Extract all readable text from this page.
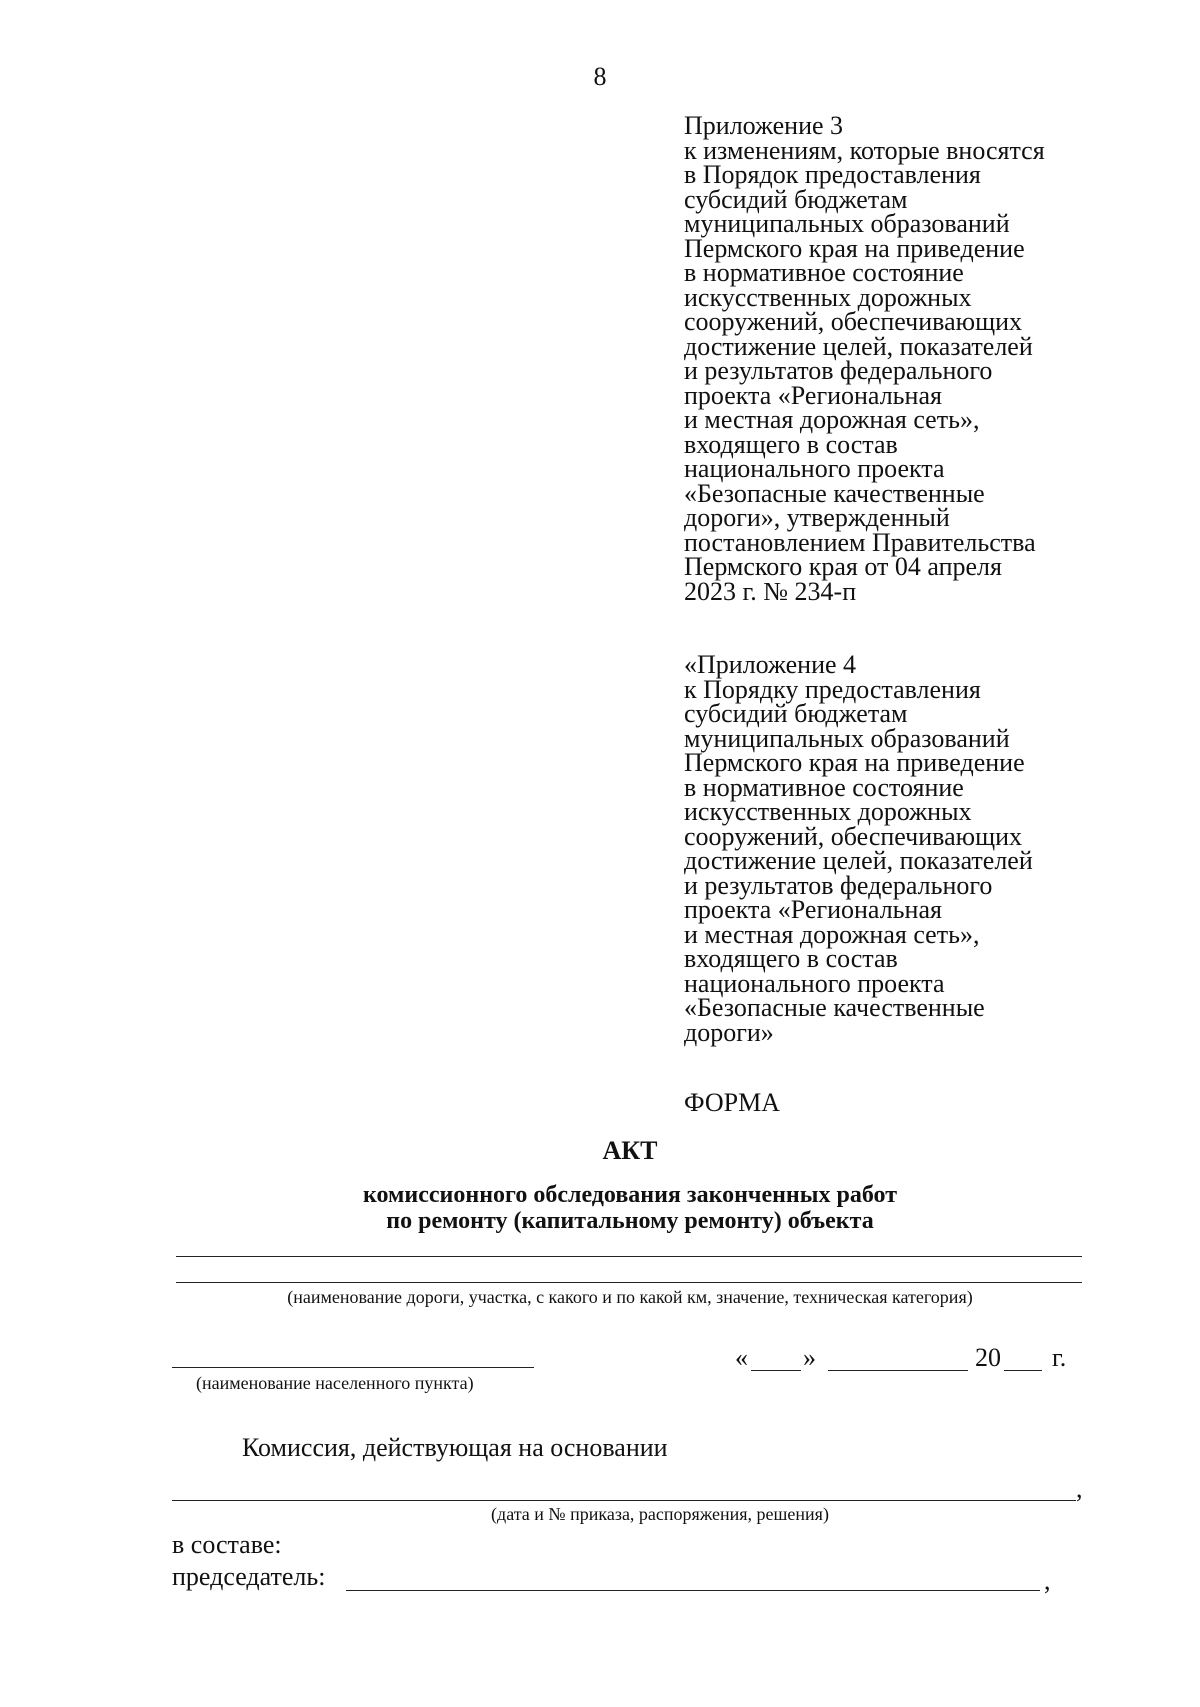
8
Приложение 3
к изменениям, которые вносятся
в Порядок предоставления
субсидий бюджетам
муниципальных образований
Пермского края на приведение
в нормативное состояние
искусственных дорожных
сооружений, обеспечивающих
достижение целей, показателей
и результатов федерального
проекта «Региональная
и местная дорожная сеть»,
входящего в состав
национального проекта
«Безопасные качественные
дороги», утвержденный
постановлением Правительства
Пермского края от 04 апреля
2023 г. № 234-п
«Приложение 4
к Порядку предоставления
субсидий бюджетам
муниципальных образований
Пермского края на приведение
в нормативное состояние
искусственных дорожных
сооружений, обеспечивающих
достижение целей, показателей
и результатов федерального
проекта «Региональная
и местная дорожная сеть»,
входящего в состав
национального проекта
«Безопасные качественные
дороги»
ФОРМА
АКТ
комиссионного обследования законченных работ
по ремонту (капитальному ремонту) объекта
(наименование дороги, участка, с какого и по какой км, значение, техническая категория)
(наименование населенного пункта)
« »	20 г.
Комиссия, действующая на основании
,
(дата и № приказа, распоряжения, решения)
в составе:
председатель:	,
